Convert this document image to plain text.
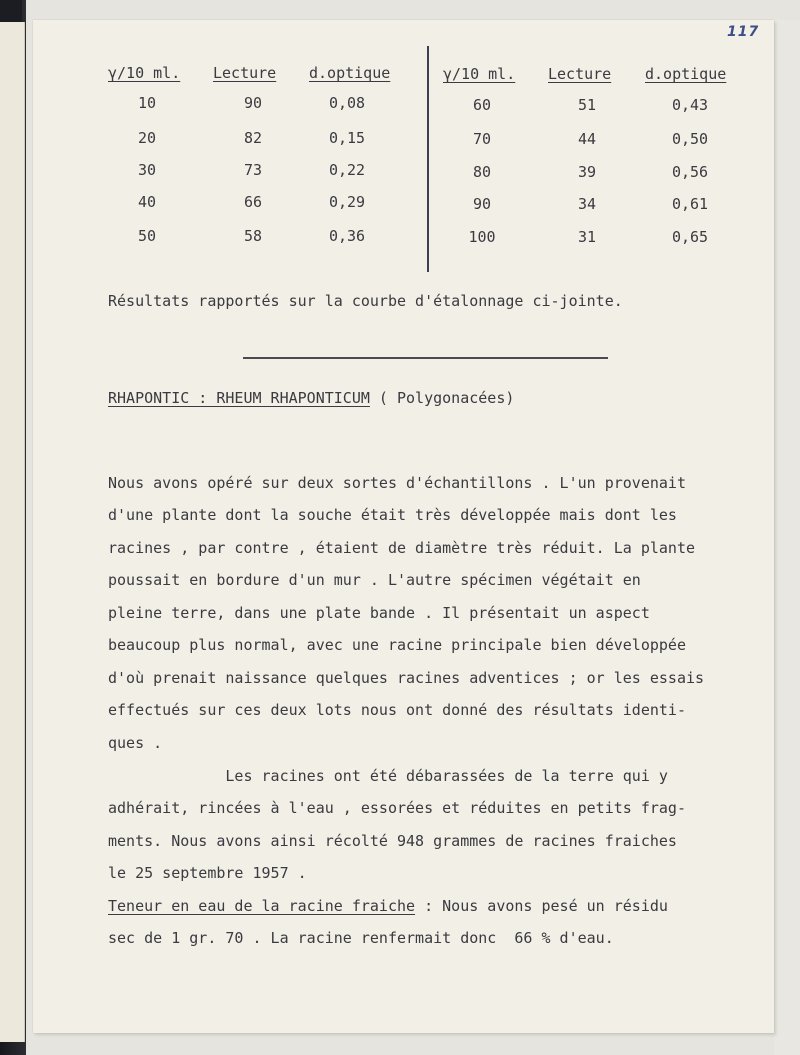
117
γ/10 ml. Lecture d.optique
10	90	0,08
20	82	0,15
30	73	0,22
40	66	0,29
50	58	0,36
γ/10 ml. Lecture d.optique
60	51	0,43
70	44	0,50
80	39	0,56
90	34	0,61
100	31	0,65
Résultats rapportés sur la courbe d'étalonnage ci-jointe.
RHAPONTIC : RHEUM RHAPONTICUM ( Polygonacées)

Nous avons opéré sur deux sortes d'échantillons . L'un provenait
d'une plante dont la souche était très développée mais dont les
racines , par contre , étaient de diamètre très réduit. La plante
poussait en bordure d'un mur . L'autre spécimen végétait en
pleine terre, dans une plate bande . Il présentait un aspect
beaucoup plus normal, avec une racine principale bien développée
d'où prenait naissance quelques racines adventices ; or les essais
effectués sur ces deux lots nous ont donné des résultats identi-
ques .

Les racines ont été débarassées de la terre qui y
adhérait, rincées à l'eau , essorées et réduites en petits frag-
ments. Nous avons ainsi récolté 948 grammes de racines fraiches
le 25 septembre 1957 .

Teneur en eau de la racine fraiche : Nous avons pesé un résidu
sec de 1 gr. 70 . La racine renfermait donc  66 % d'eau.
